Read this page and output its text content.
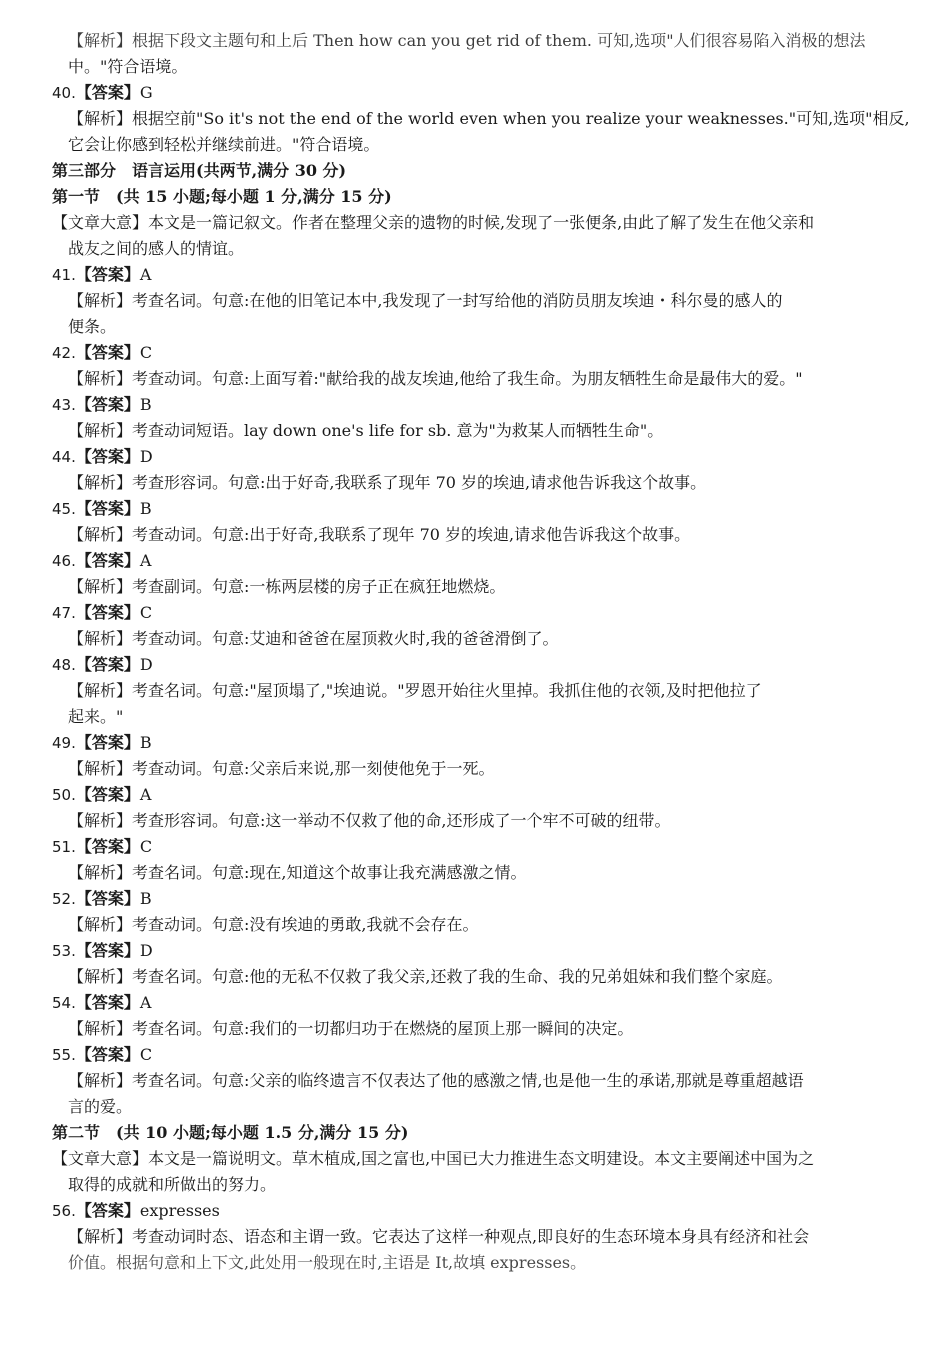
【解析】根据下段文主题句和上后 Then how can you get rid of them. 可知,选项"人们很容易陷入消极的想法
中。"符合语境。
40.【答案】G
【解析】根据空前"So it's not the end of the world even when you realize your weaknesses."可知,选项"相反,
它会让你感到轻松并继续前进。"符合语境。
第三部分　语言运用(共两节,满分 30 分)
第一节　(共 15 小题;每小题 1 分,满分 15 分)
【文章大意】本文是一篇记叙文。作者在整理父亲的遗物的时候,发现了一张便条,由此了解了发生在他父亲和
战友之间的感人的情谊。
41.【答案】A
【解析】考查名词。句意:在他的旧笔记本中,我发现了一封写给他的消防员朋友埃迪・科尔曼的感人的
便条。
42.【答案】C
【解析】考查动词。句意:上面写着:"献给我的战友埃迪,他给了我生命。为朋友牺牲生命是最伟大的爱。"
43.【答案】B
【解析】考查动词短语。lay down one's life for sb. 意为"为救某人而牺牲生命"。
44.【答案】D
【解析】考查形容词。句意:出于好奇,我联系了现年 70 岁的埃迪,请求他告诉我这个故事。
45.【答案】B
【解析】考查动词。句意:出于好奇,我联系了现年 70 岁的埃迪,请求他告诉我这个故事。
46.【答案】A
【解析】考查副词。句意:一栋两层楼的房子正在疯狂地燃烧。
47.【答案】C
【解析】考查动词。句意:艾迪和爸爸在屋顶救火时,我的爸爸滑倒了。
48.【答案】D
【解析】考查名词。句意:"屋顶塌了,"埃迪说。"罗恩开始往火里掉。我抓住他的衣领,及时把他拉了
起来。"
49.【答案】B
【解析】考查动词。句意:父亲后来说,那一刻使他免于一死。
50.【答案】A
【解析】考查形容词。句意:这一举动不仅救了他的命,还形成了一个牢不可破的纽带。
51.【答案】C
【解析】考查名词。句意:现在,知道这个故事让我充满感激之情。
52.【答案】B
【解析】考查动词。句意:没有埃迪的勇敢,我就不会存在。
53.【答案】D
【解析】考查名词。句意:他的无私不仅救了我父亲,还救了我的生命、我的兄弟姐妹和我们整个家庭。
54.【答案】A
【解析】考查名词。句意:我们的一切都归功于在燃烧的屋顶上那一瞬间的决定。
55.【答案】C
【解析】考查名词。句意:父亲的临终遗言不仅表达了他的感激之情,也是他一生的承诺,那就是尊重超越语
言的爱。
第二节　(共 10 小题;每小题 1.5 分,满分 15 分)
【文章大意】本文是一篇说明文。草木植成,国之富也,中国已大力推进生态文明建设。本文主要阐述中国为之
取得的成就和所做出的努力。
56.【答案】expresses
【解析】考查动词时态、语态和主谓一致。它表达了这样一种观点,即良好的生态环境本身具有经济和社会
价值。根据句意和上下文,此处用一般现在时,主语是 It,故填 expresses。
